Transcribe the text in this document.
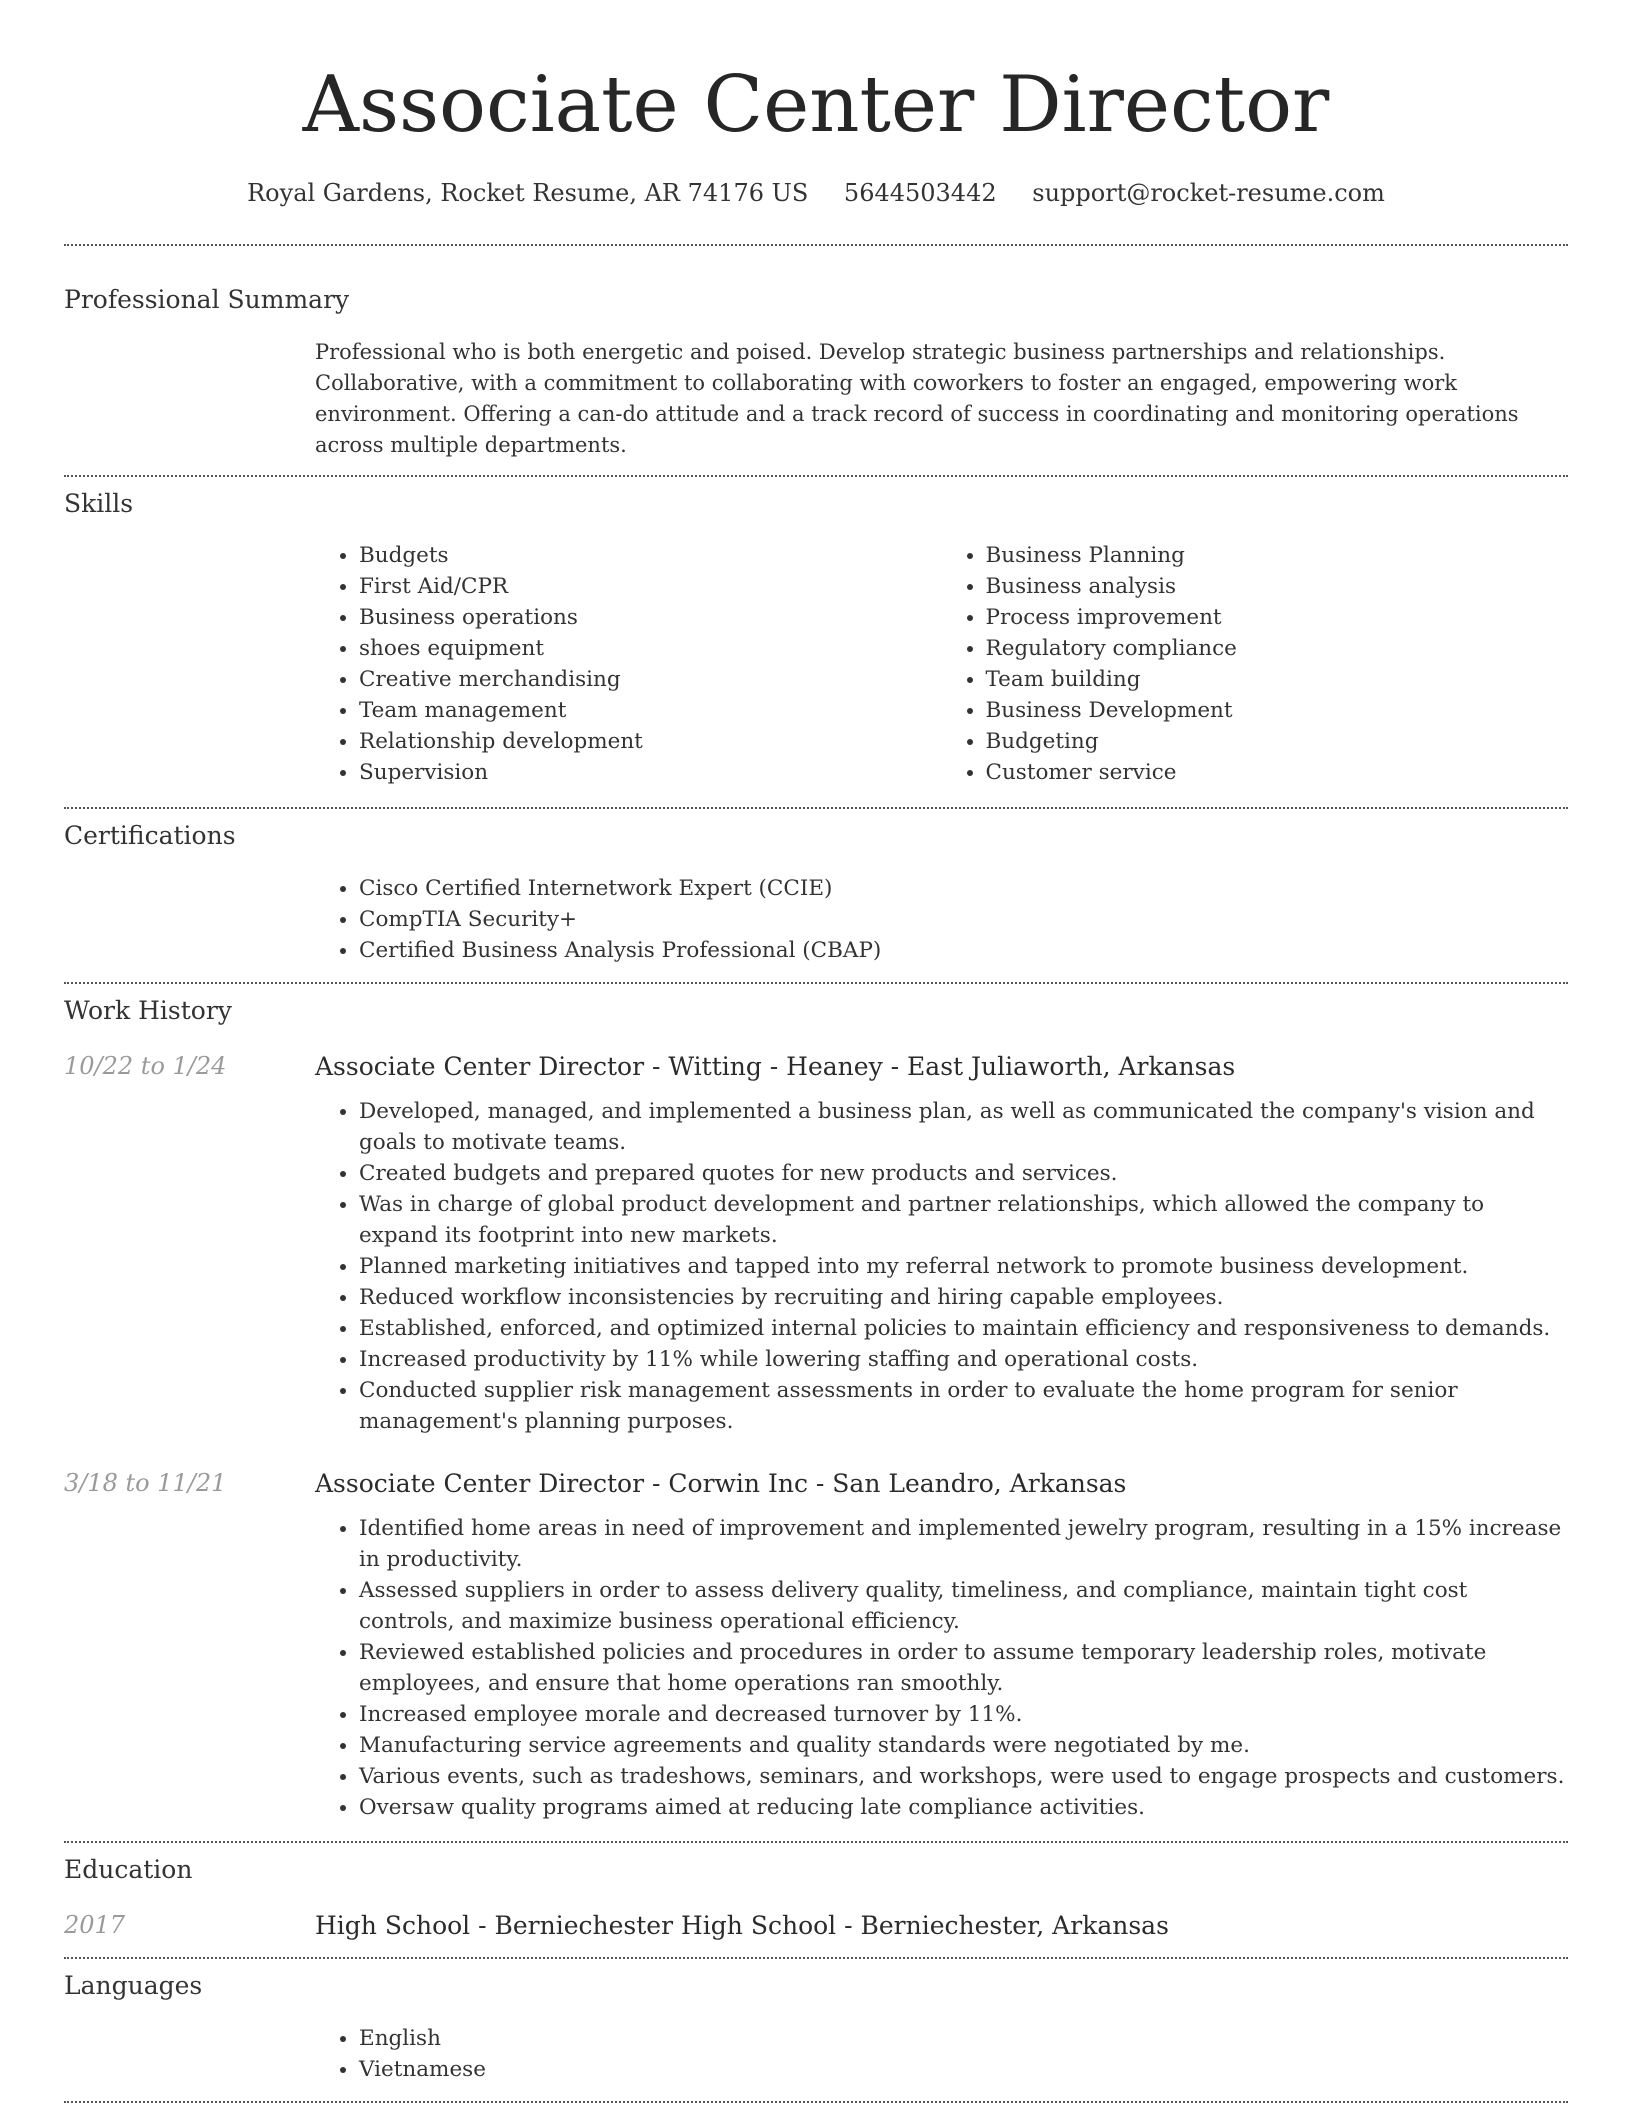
Associate Center Director
Royal Gardens, Rocket Resume, AR 74176 US 5644503442 support@rocket-resume.com
Professional Summary

Professional who is both energetic and poised. Develop strategic business partnerships and relationships. Collaborative, with a commitment to collaborating with coworkers to foster an engaged, empowering work environment. Offering a can-do attitude and a track record of success in coordinating and monitoring operations across multiple departments.

Skills
• Budgets
• First Aid/CPR
• Business operations
• shoes equipment
• Creative merchandising
• Team management
• Relationship development
• Supervision
• Business Planning
• Business analysis
• Process improvement
• Regulatory compliance
• Team building
• Business Development
• Budgeting
• Customer service
Certifications
• Cisco Certified Internetwork Expert (CCIE)
• CompTIA Security+
• Certified Business Analysis Professional (CBAP)
Work History
10/22 to 1/24	Associate Center Director - Witting - Heaney - East Juliaworth, Arkansas
• Developed, managed, and implemented a business plan, as well as communicated the company's vision and goals to motivate teams.
• Created budgets and prepared quotes for new products and services.
• Was in charge of global product development and partner relationships, which allowed the company to expand its footprint into new markets.
• Planned marketing initiatives and tapped into my referral network to promote business development.
• Reduced workflow inconsistencies by recruiting and hiring capable employees.
• Established, enforced, and optimized internal policies to maintain efficiency and responsiveness to demands.
• Increased productivity by 11% while lowering staffing and operational costs.
• Conducted supplier risk management assessments in order to evaluate the home program for senior management's planning purposes.
3/18 to 11/21	Associate Center Director - Corwin Inc - San Leandro, Arkansas
• Identified home areas in need of improvement and implemented jewelry program, resulting in a 15% increase in productivity.
• Assessed suppliers in order to assess delivery quality, timeliness, and compliance, maintain tight cost controls, and maximize business operational efficiency.
• Reviewed established policies and procedures in order to assume temporary leadership roles, motivate employees, and ensure that home operations ran smoothly.
• Increased employee morale and decreased turnover by 11%.
• Manufacturing service agreements and quality standards were negotiated by me.
• Various events, such as tradeshows, seminars, and workshops, were used to engage prospects and customers.
• Oversaw quality programs aimed at reducing late compliance activities.
Education
2017	High School - Berniechester High School - Berniechester, Arkansas
Languages
• English
• Vietnamese
